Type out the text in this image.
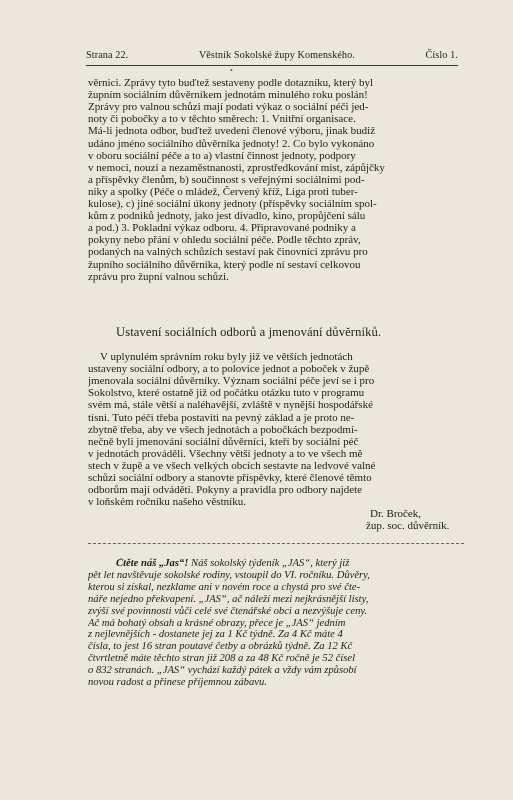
Strana 22.	Věstník Sokolské župy Komenského.	Číslo 1.
•
věrnici. Zprávy tyto buďtež sestaveny podle dotazníku, který byl
župním sociálním důvěrníkem jednotám minulého roku poslán!
Zprávy pro valnou schůzi mají podati výkaz o sociální péči jed-
noty či pobočky a to v těchto směrech: 1. Vnitřní organisace.
Má-li jednota odbor, buďtež uvedeni členové výboru, jinak budiž
udáno jméno sociálního důvěrníka jednoty! 2. Co bylo vykonáno
v oboru sociální péče a to a) vlastní činnost jednoty, podpory
v nemoci, nouzi a nezaměstnanosti, zprostředkování míst, zápůjčky
a příspěvky členům, b) součinnost s veřejnými sociálními pod-
niky a spolky (Péče o mládež, Červený kříž, Liga proti tuber-
kulose), c) jiné sociální úkony jednoty (příspěvky sociálním spol-
kům z podniků jednoty, jako jest divadlo, kino, propůjčení sálu
a pod.) 3. Pokladní výkaz odboru. 4. Připravované podniky a
pokyny nebo přání v ohledu sociální péče. Podle těchto zpráv,
podaných na valných schůzích sestaví pak činovníci zprávu pro
župního sociálního důvěrníka, který podle ní sestaví celkovou
zprávu pro župní valnou schůzi.
Ustavení sociálních odborů a jmenování důvěrníků.
V uplynulém správním roku byly již ve větších jednotách
ustaveny sociální odbory, a to polovice jednot a poboček v župě
jmenovala sociální důvěrníky. Význam sociální péče jeví se i pro
Sokolstvo, které ostatně již od počátku otázku tuto v programu
svém má, stále větší a naléhavější, zvláště v nynější hospodářské
tísni. Tuto péči třeba postaviti na pevný základ a je proto ne-
zbytně třeba, aby ve všech jednotách a pobočkách bezpodmí-
nečně byli jmenováni sociální důvěrníci, kteří by sociální péč
v jednotách prováděli. Všechny větší jednoty a to ve všech mě
stech v župě a ve všech velkých obcích sestavte na ledvové valné
schůzi sociální odbory a stanovte příspěvky, které členové těmto
odborům mají odváděti. Pokyny a pravidla pro odbory najdete
v loňském ročníku našeho věstníku.
Dr. Broček,
žup. soc. důvěrník.
Čtěte náš „Jas“! Náš sokolský týdeník „JAS“, který již
pět let navštěvuje sokolské rodiny, vstoupil do VI. ročníku. Důvěry,
kterou si získal, nezklame ani v novém roce a chystá pro své čte-
náře nejedno překvapení. „JAS“, ač náleží mezi nejkrásnější listy,
zvýší své povinnosti vůči celé své čtenářské obci a nezvýšuje ceny.
Ač má bohatý obsah a krásné obrazy, přece je „JAS“ jedním
z nejlevnějších - dostanete jej za 1 Kč týdně. Za 4 Kč máte 4
čísla, to jest 16 stran poutavé četby a obrázků týdně. Za 12 Kč
čtvrtletně máte těchto stran již 208 a za 48 Kč ročně je 52 čísel
o 832 stranách. „JAS“ vychází každý pátek a vždy vám způsobí
novou radost a přinese příjemnou zábavu.
